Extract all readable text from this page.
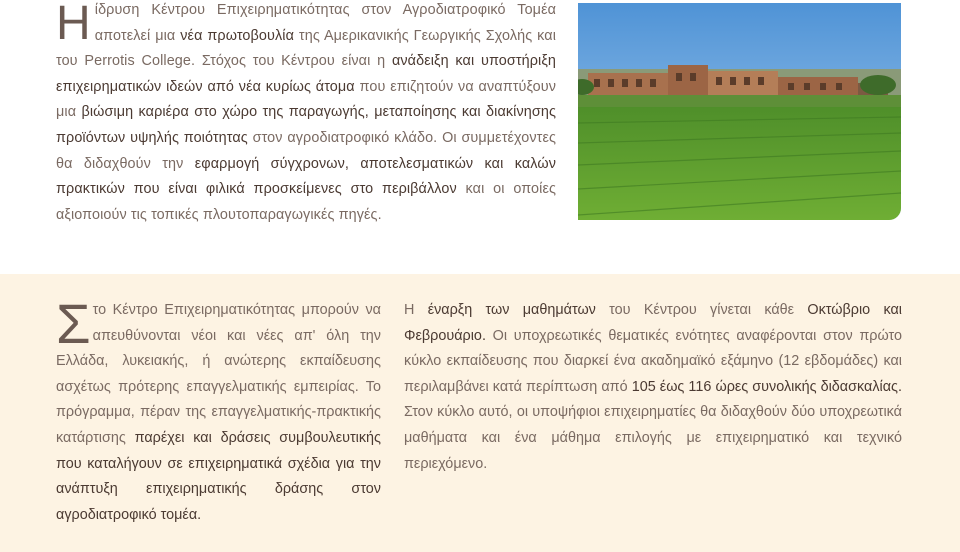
Ηίδρυση Κέντρου Επιχειρηματικότητας στον Αγροδιατροφικό Τομέα αποτελεί μια νέα πρωτοβουλία της Αμερικανικής Γεωργικής Σχολής και του Perrotis College. Στόχος του Κέντρου είναι η ανάδειξη και υποστήριξη επιχειρηματικών ιδεών από νέα κυρίως άτομα που επιζητούν να αναπτύξουν μια βιώσιμη καριέρα στο χώρο της παραγωγής, μεταποίησης και διακίνησης προϊόντων υψηλής ποιότητας στον αγροδιατροφικό κλάδο. Οι συμμετέχοντες θα διδαχθούν την εφαρμογή σύγχρονων, αποτελεσματικών και καλών πρακτικών που είναι φιλικά προσκείμενες στο περιβάλλον και οι οποίες αξιοποιούν τις τοπικές πλουτοπαραγωγικές πηγές.
Στο Κέντρο Επιχειρηματικότητας μπορούν να απευθύνονται νέοι και νέες απ' όλη την Ελλάδα, λυκειακής, ή ανώτερης εκπαίδευσης ασχέτως πρότερης επαγγελματικής εμπειρίας. Το πρόγραμμα, πέραν της επαγγελματικής-πρακτικής κατάρτισης παρέχει και δράσεις συμβουλευτικής που καταλήγουν σε επιχειρηματικά σχέδια για την ανάπτυξη επιχειρηματικής δράσης στον αγροδιατροφικό τομέα.
Η έναρξη των μαθημάτων του Κέντρου γίνεται κάθε Οκτώβριο και Φεβρουάριο. Οι υποχρεωτικές θεματικές ενότητες αναφέρονται στον πρώτο κύκλο εκπαίδευσης που διαρκεί ένα ακαδημαϊκό εξάμηνο (12 εβδομάδες) και περιλαμβάνει κατά περίπτωση από 105 έως 116 ώρες συνολικής διδασκαλίας. Στον κύκλο αυτό, οι υποψήφιοι επιχειρηματίες θα διδαχθούν δύο υποχρεωτικά μαθήματα και ένα μάθημα επιλογής με επιχειρηματικό και τεχνικό περιεχόμενο.
